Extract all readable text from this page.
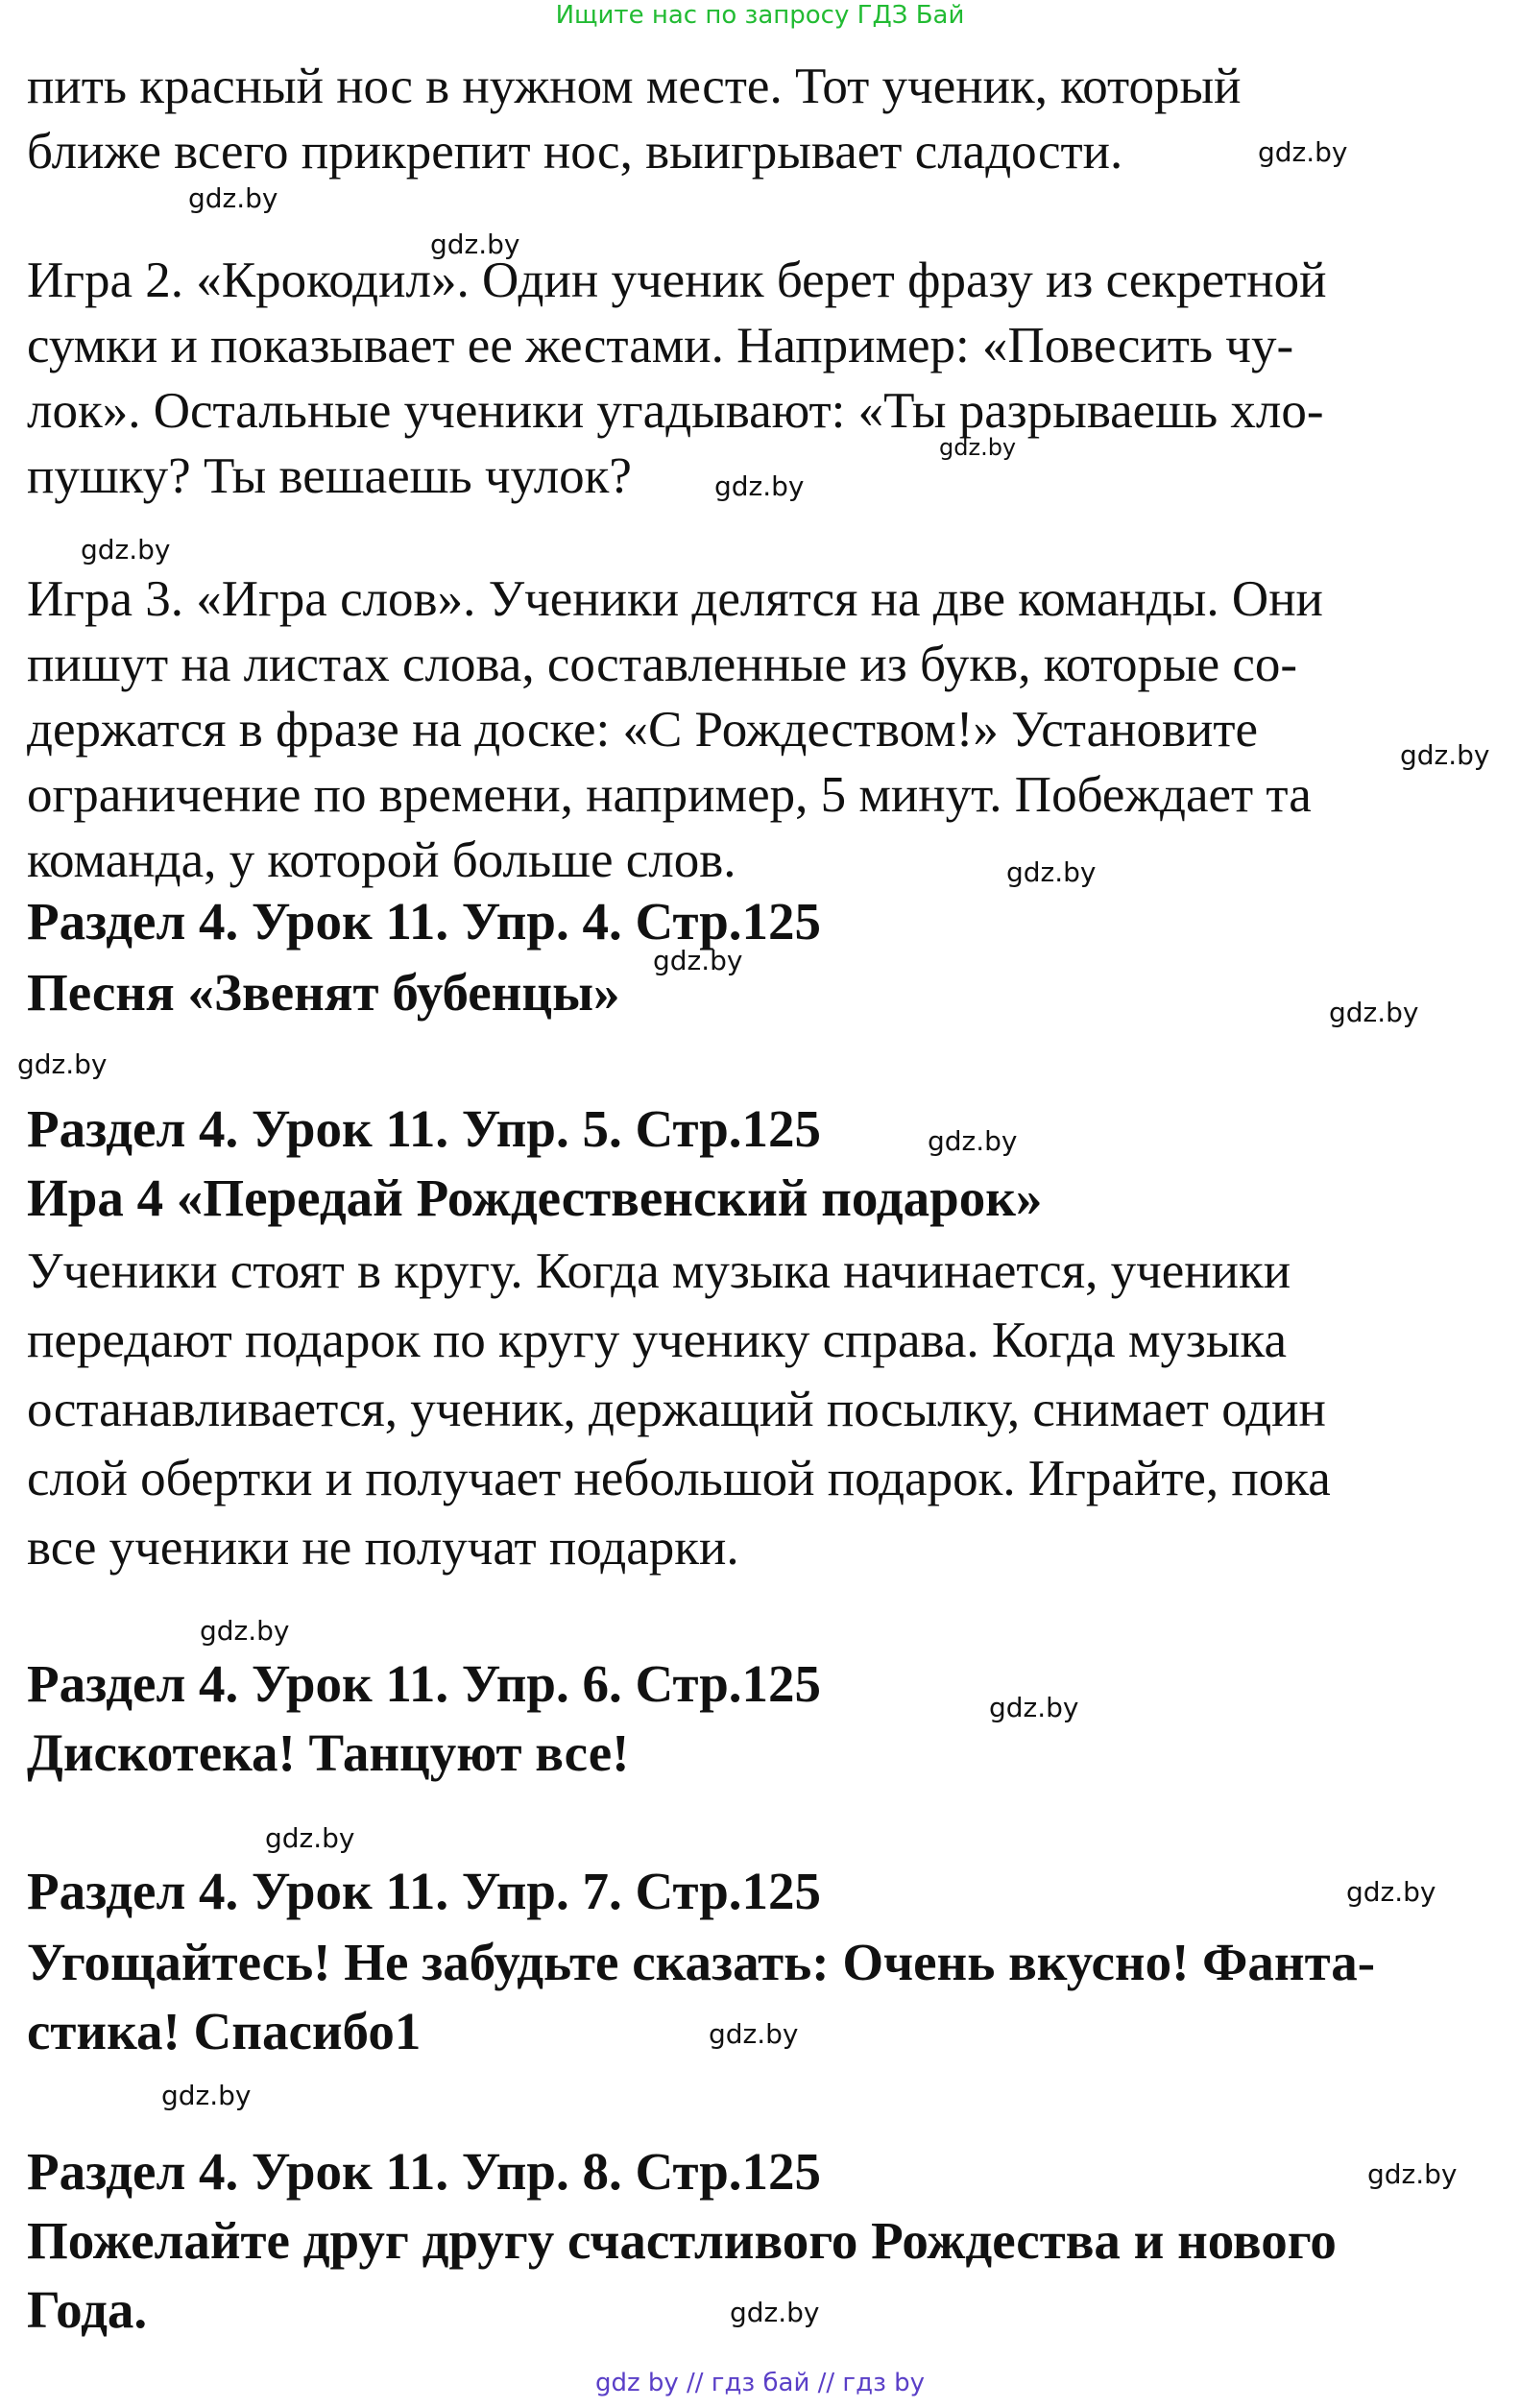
Ищите нас по запросу ГДЗ Бай
пить красный нос в нужном месте. Тот ученик, который
ближе всего прикрепит нос, выигрывает сладости.
Игра 2. «Крокодил». Один ученик берет фразу из секретной
сумки и показывает ее жестами. Например: «Повесить чу-
лок». Остальные ученики угадывают: «Ты разрываешь хло-
пушку? Ты вешаешь чулок?
Игра 3. «Игра слов». Ученики делятся на две команды. Они
пишут на листах слова, составленные из букв, которые со-
держатся в фразе на доске: «С Рождеством!» Установите
ограничение по времени, например, 5 минут. Побеждает та
команда, у которой больше слов.
Раздел 4. Урок 11. Упр. 4. Стр.125
Песня «Звенят бубенцы»
Раздел 4. Урок 11. Упр. 5. Стр.125
Ира 4 «Передай Рождественский подарок»
Ученики стоят в кругу. Когда музыка начинается, ученики
передают подарок по кругу ученику справа. Когда музыка
останавливается, ученик, держащий посылку, снимает один
слой обертки и получает небольшой подарок. Играйте, пока
все ученики не получат подарки.
Раздел 4. Урок 11. Упр. 6. Стр.125
Дискотека! Танцуют все!
Раздел 4. Урок 11. Упр. 7. Стр.125
Угощайтесь! Не забудьте сказать: Очень вкусно! Фанта-
стика! Спасибо1
Раздел 4. Урок 11. Упр. 8. Стр.125
Пожелайте друг другу счастливого Рождества и нового
Года.
gdz.by
gdz.by
gdz.by
gdz.by
gdz.by
gdz.by
gdz.by
gdz.by
gdz.by
gdz.by
gdz.by
gdz.by
gdz.by
gdz.by
gdz.by
gdz.by
gdz.by
gdz.by
gdz.by
gdz.by
gdz by // гдз бай // гдз by
